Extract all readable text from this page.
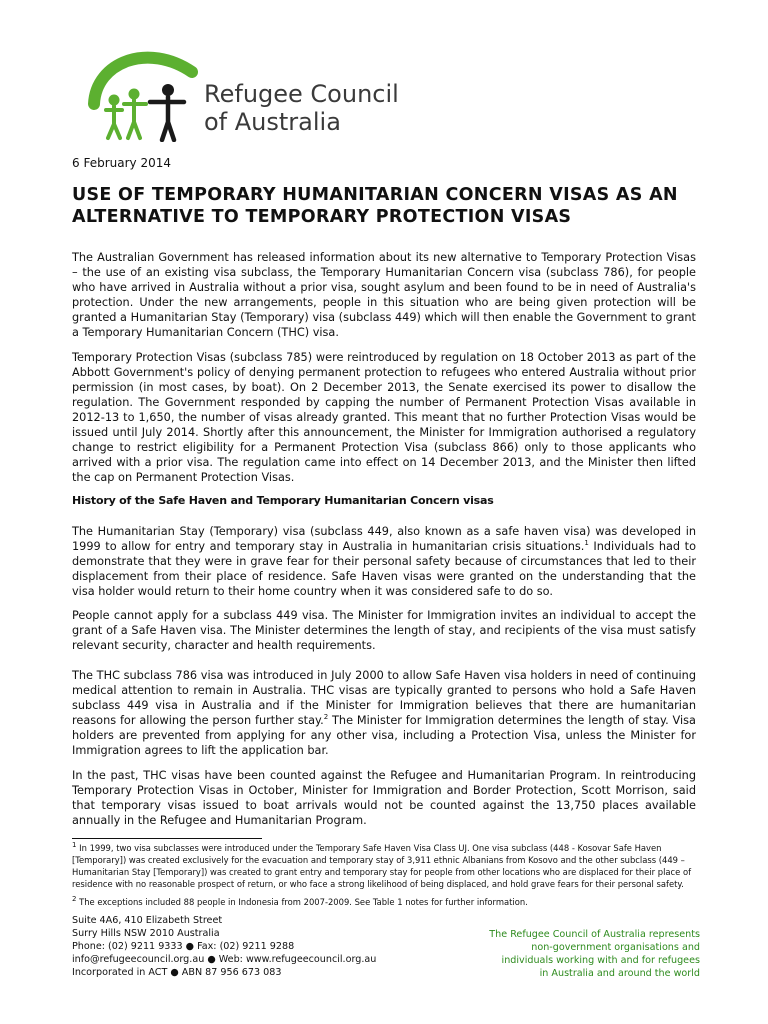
Refugee Council
of Australia
6 February 2014
USE OF TEMPORARY HUMANITARIAN CONCERN VISAS AS AN ALTERNATIVE TO TEMPORARY PROTECTION VISAS

The Australian Government has released information about its new alternative to Temporary Protection Visas – the use of an existing visa subclass, the Temporary Humanitarian Concern visa (subclass 786), for people who have arrived in Australia without a prior visa, sought asylum and been found to be in need of Australia's protection. Under the new arrangements, people in this situation who are being given protection will be granted a Humanitarian Stay (Temporary) visa (subclass 449) which will then enable the Government to grant a Temporary Humanitarian Concern (THC) visa.

Temporary Protection Visas (subclass 785) were reintroduced by regulation on 18 October 2013 as part of the Abbott Government's policy of denying permanent protection to refugees who entered Australia without prior permission (in most cases, by boat). On 2 December 2013, the Senate exercised its power to disallow the regulation. The Government responded by capping the number of Permanent Protection Visas available in 2012-13 to 1,650, the number of visas already granted. This meant that no further Protection Visas would be issued until July 2014. Shortly after this announcement, the Minister for Immigration authorised a regulatory change to restrict eligibility for a Permanent Protection Visa (subclass 866) only to those applicants who arrived with a prior visa. The regulation came into effect on 14 December 2013, and the Minister then lifted the cap on Permanent Protection Visas.

History of the Safe Haven and Temporary Humanitarian Concern visas

The Humanitarian Stay (Temporary) visa (subclass 449, also known as a safe haven visa) was developed in 1999 to allow for entry and temporary stay in Australia in humanitarian crisis situations.$^1$ Individuals had to demonstrate that they were in grave fear for their personal safety because of circumstances that led to their displacement from their place of residence. Safe Haven visas were granted on the understanding that the visa holder would return to their home country when it was considered safe to do so.

People cannot apply for a subclass 449 visa. The Minister for Immigration invites an individual to accept the grant of a Safe Haven visa. The Minister determines the length of stay, and recipients of the visa must satisfy relevant security, character and health requirements.

The THC subclass 786 visa was introduced in July 2000 to allow Safe Haven visa holders in need of continuing medical attention to remain in Australia. THC visas are typically granted to persons who hold a Safe Haven subclass 449 visa in Australia and if the Minister for Immigration believes that there are humanitarian reasons for allowing the person further stay.$^2$ The Minister for Immigration determines the length of stay. Visa holders are prevented from applying for any other visa, including a Protection Visa, unless the Minister for Immigration agrees to lift the application bar.

In the past, THC visas have been counted against the Refugee and Humanitarian Program. In reintroducing Temporary Protection Visas in October, Minister for Immigration and Border Protection, Scott Morrison, said that temporary visas issued to boat arrivals would not be counted against the 13,750 places available annually in the Refugee and Humanitarian Program.

$^1$ In 1999, two visa subclasses were introduced under the Temporary Safe Haven Visa Class UJ. One visa subclass (448 - Kosovar Safe Haven [Temporary]) was created exclusively for the evacuation and temporary stay of 3,911 ethnic Albanians from Kosovo and the other subclass (449 – Humanitarian Stay [Temporary]) was created to grant entry and temporary stay for people from other locations who are displaced for their place of residence with no reasonable prospect of return, or who face a strong likelihood of being displaced, and hold grave fears for their personal safety.

$^2$ The exceptions included 88 people in Indonesia from 2007-2009. See Table 1 notes for further information.

Suite 4A6, 410 Elizabeth Street
Surry Hills NSW 2010 Australia
Phone: (02) 9211 9333 ● Fax: (02) 9211 9288
info@refugeecouncil.org.au ● Web: www.refugeecouncil.org.au
Incorporated in ACT ● ABN 87 956 673 083
The Refugee Council of Australia represents
non-government organisations and
individuals working with and for refugees
in Australia and around the world
